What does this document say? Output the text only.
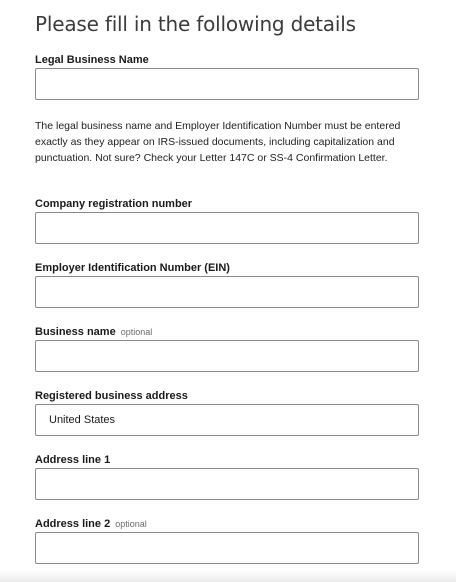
Please fill in the following details
Legal Business Name
The legal business name and Employer Identification Number must be entered exactly as they appear on IRS-issued documents, including capitalization and punctuation. Not sure? Check your Letter 147C or SS-4 Confirmation Letter.
Company registration number
Employer Identification Number (EIN)
Business name optional
Registered business address
United States
Address line 1
Address line 2 optional
